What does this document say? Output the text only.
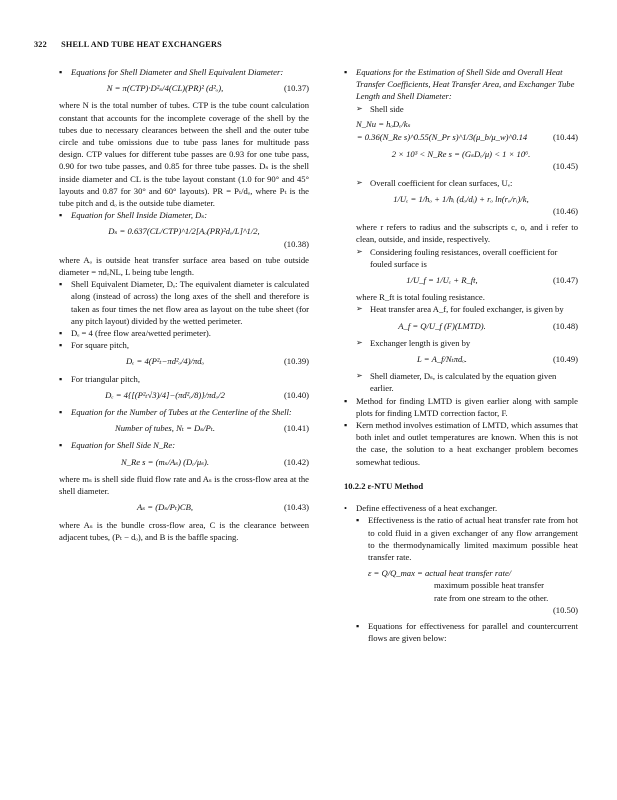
322 SHELL AND TUBE HEAT EXCHANGERS
▪ Equations for Shell Diameter and Shell Equivalent Diameter:
N = π(CTP)·D²ₛ/4(CL)(PR)² (d²ₒ),	(10.37)
where N is the total number of tubes. CTP is the tube count calculation constant that accounts for the incomplete coverage of the shell by the tubes due to necessary clearances between the shell and the outer tube circle and tube omissions due to tube pass lanes for multitude pass design. CTP values for different tube passes are 0.93 for one tube pass, 0.90 for two tube passes, and 0.85 for three tube passes. Dₛ is the shell inside diameter and CL is the tube layout constant (1.0 for 90° and 45° layouts and 0.87 for 30° and 60° layouts). PR = Pₜ/dₒ, where Pₜ is the tube pitch and dₒ is the outside tube diameter.
▪ Equation for Shell Inside Diameter, Dₛ:
Dₛ = 0.637(CL/CTP)^1/2[Aₒ(PR)²dₒ/L]^1/2,
(10.38)
where Aₒ is outside heat transfer surface area based on tube outside diameter = πdₒNL, L being tube length.
▪ Shell Equivalent Diameter, Dₑ: The equivalent diameter is calculated along (instead of across) the long axes of the shell and therefore is taken as four times the net flow area as layout on the tube sheet (for any pitch layout) divided by the wetted perimeter.
▪ Dₑ = 4 (free flow area/wetted perimeter).
▪ For square pitch,
Dₑ = 4(P²ₜ−πd²ₒ/4)/πdₒ	(10.39)
▪ For triangular pitch,
Dₑ = 4{[(P²ₜ√3)/4]−(πd²ₒ/8)}/πdₒ/2	(10.40)
▪ Equation for the Number of Tubes at the Centerline of the Shell:
Number of tubes, Nₜ = Dₛ/Pₜ.	(10.41)
▪ Equation for Shell Side N_Re:
N_Re s = (mₛ/Aₛ) (Dₑ/μₛ).	(10.42)
where mₛ is shell side fluid flow rate and Aₛ is the cross-flow area at the shell diameter.
Aₛ = (Dₛ/Pₜ)CB,	(10.43)
where Aₛ is the bundle cross-flow area, C is the clearance between adjacent tubes, (Pₜ − dₒ), and B is the baffle spacing.
▪ Equations for the Estimation of Shell Side and Overall Heat Transfer Coefficients, Heat Transfer Area, and Exchanger Tube Length and Shell Diameter:
➢ Shell side
N_Nu = hₒDₑ/kₛ
= 0.36(N_Re s)^0.55(N_Pr s)^1/3(μ_b/μ_w)^0.14	(10.44)
2 × 10³ < N_Re s = (GₛDₑ/μ) < 1 × 10⁶.
(10.45)
➢ Overall coefficient for clean surfaces, Uₑ:
1/Uₑ = 1/hₒ + 1/hᵢ (dₒ/dᵢ) + rₒ ln(rₒ/rᵢ)/k,
(10.46)
where r refers to radius and the subscripts c, o, and i refer to clean, outside, and inside, respectively.
➢ Considering fouling resistances, overall coefficient for fouled surface is
1/U_f = 1/Uₑ + R_ft,	(10.47)
where R_ft is total fouling resistance.
➢ Heat transfer area A_f, for fouled exchanger, is given by
A_f = Q/U_f (F)(LMTD).	(10.48)
➢ Exchanger length is given by
L = A_f/Nₜπdₒ.	(10.49)
➢ Shell diameter, Dₛ, is calculated by the equation given earlier.
▪ Method for finding LMTD is given earlier along with sample plots for finding LMTD correction factor, F.
▪ Kern method involves estimation of LMTD, which assumes that both inlet and outlet temperatures are known. When this is not the case, the solution to a heat exchanger problem becomes somewhat tedious.
10.2.2 ε-NTU Method
• Define effectiveness of a heat exchanger.
▪ Effectiveness is the ratio of actual heat transfer rate from hot to cold fluid in a given exchanger of any flow arrangement to the thermodynamically limited maximum possible heat transfer rate.
ε = Q/Q_max = actual heat transfer rate/
maximum possible heat transfer
rate from one stream to the other.
(10.50)
▪ Equations for effectiveness for parallel and countercurrent flows are given below:
